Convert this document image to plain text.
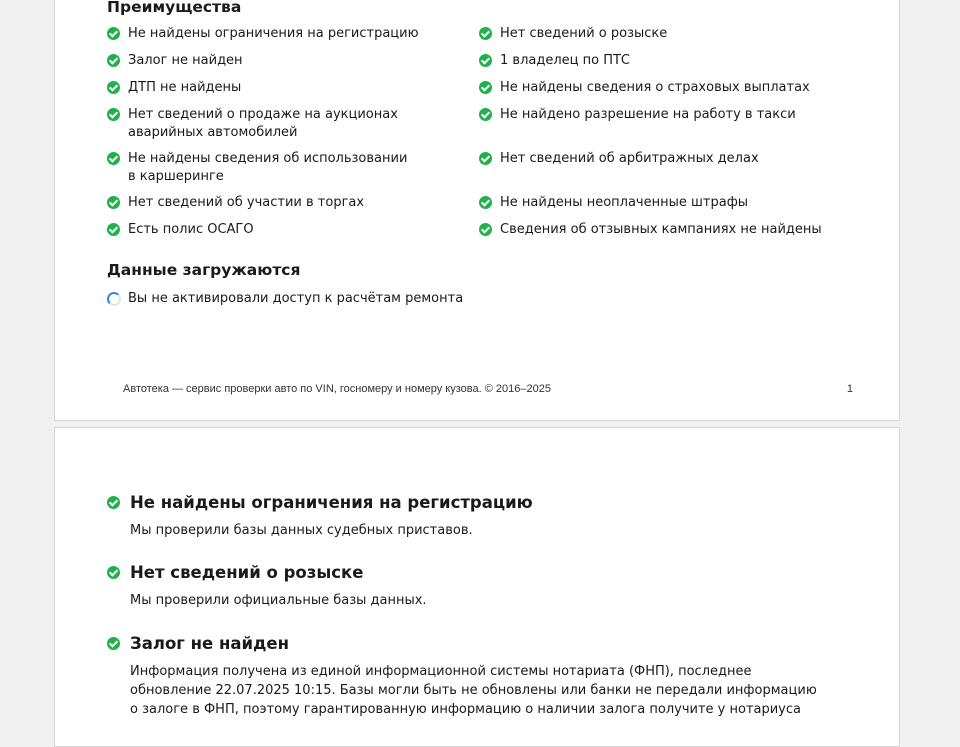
Преимущества
Не найдены ограничения на регистрацию
Залог не найден
ДТП не найдены
Нет сведений о продаже на аукционах аварийных автомобилей
Не найдены сведения об использовании в каршеринге
Нет сведений об участии в торгах
Есть полис ОСАГО
Нет сведений о розыске
1 владелец по ПТС
Не найдены сведения о страховых выплатах
Не найдено разрешение на работу в такси
Нет сведений об арбитражных делах
Не найдены неоплаченные штрафы
Сведения об отзывных кампаниях не найдены
Данные загружаются
Вы не активировали доступ к расчётам ремонта
Автотека — сервис проверки авто по VIN, госномеру и номеру кузова. © 2016–2025	1
Не найдены ограничения на регистрацию

Мы проверили базы данных судебных приставов.

Нет сведений о розыске

Мы проверили официальные базы данных.

Залог не найден

Информация получена из единой информационной системы нотариата (ФНП), последнее обновление 22.07.2025 10:15. Базы могли быть не обновлены или банки не передали информацию о залоге в ФНП, поэтому гарантированную информацию о наличии залога получите у нотариуса
